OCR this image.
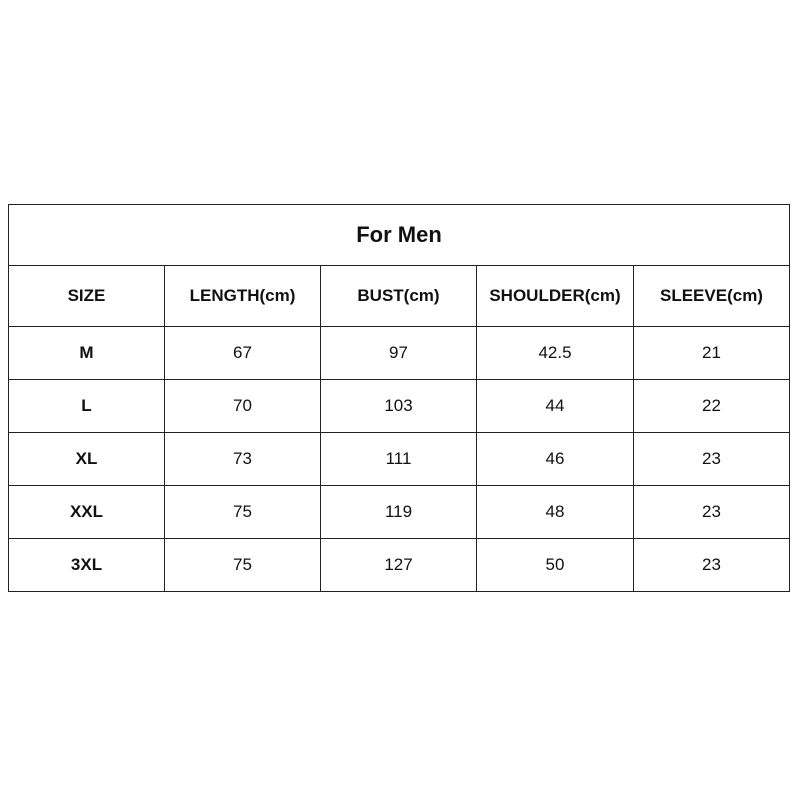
For Men				
SIZE	LENGTH(cm)	BUST(cm)	SHOULDER(cm)	SLEEVE(cm)
M	67	97	42.5	21
L	70	103	44	22
XL	73	111	46	23
XXL	75	119	48	23
3XL	75	127	50	23
